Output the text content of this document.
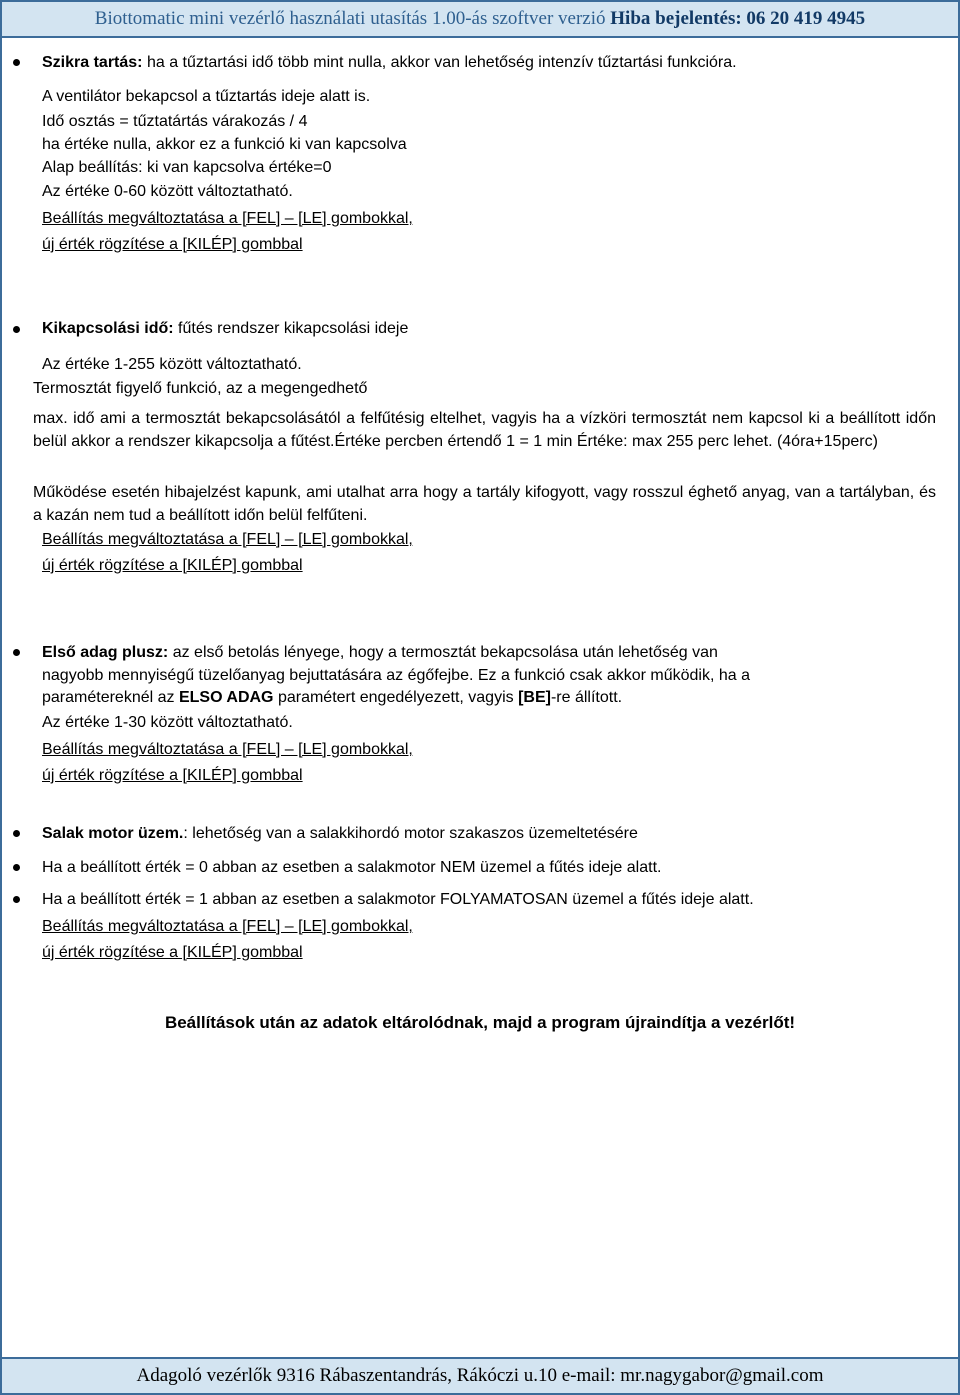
Biottomatic mini vezérlő használati utasítás 1.00-ás szoftver verzió Hiba bejelentés: 06 20 419 4945
Szikra tartás: ha a tűztartási idő több mint nulla, akkor van lehetőség intenzív tűztartási funkcióra.
A ventilátor bekapcsol a tűztartás ideje alatt is.
Idő osztás = tűztatártás várakozás / 4
ha értéke nulla, akkor ez a funkció ki van kapcsolva
Alap beállítás: ki van kapcsolva értéke=0
Az értéke 0-60 között változtatható.
Beállítás megváltoztatása a [FEL] – [LE] gombokkal,
új érték rögzítése a [KILÉP] gombbal
Kikapcsolási idő: fűtés rendszer kikapcsolási ideje
Az értéke 1-255 között változtatható.
Termosztát figyelő funkció, az a megengedhető
max. idő ami a termosztát bekapcsolásától a felfűtésig eltelhet, vagyis ha a vízköri termosztát nem kapcsol ki a beállított időn belül akkor a rendszer kikapcsolja a fűtést.Értéke percben értendő 1 = 1 min Értéke: max 255 perc lehet. (4óra+15perc)
Működése esetén hibajelzést kapunk, ami utalhat arra hogy a tartály kifogyott, vagy rosszul éghető anyag, van a tartályban, és a kazán nem tud a beállított időn belül felfűteni.
Beállítás megváltoztatása a [FEL] – [LE] gombokkal,
új érték rögzítése a [KILÉP] gombbal
Első adag plusz: az első betolás lényege, hogy a termosztát bekapcsolása után lehetőség van
nagyobb mennyiségű tüzelőanyag bejuttatására az égőfejbe. Ez a funkció csak akkor működik, ha a
paramétereknél az ELSO ADAG paramétert engedélyezett, vagyis [BE]-re állított.
Az értéke 1-30 között változtatható.
Beállítás megváltoztatása a [FEL] – [LE] gombokkal,
új érték rögzítése a [KILÉP] gombbal
Salak motor üzem.: lehetőség van a salakkihordó motor szakaszos üzemeltetésére
Ha a beállított érték = 0 abban az esetben a salakmotor NEM üzemel a fűtés ideje alatt.
Ha a beállított érték = 1 abban az esetben a salakmotor FOLYAMATOSAN üzemel a fűtés ideje alatt.
Beállítás megváltoztatása a [FEL] – [LE] gombokkal,
új érték rögzítése a [KILÉP] gombbal
Beállítások után az adatok eltárolódnak, majd a program újraindítja a vezérlőt!
Adagoló vezérlők 9316 Rábaszentandrás, Rákóczi u.10 e-mail: mr.nagygabor@gmail.com
